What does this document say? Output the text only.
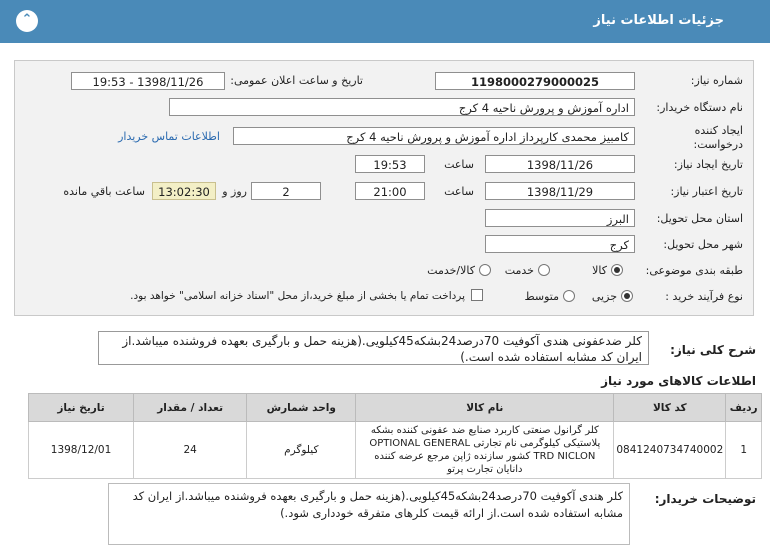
جزئیات اطلاعات نیاز
⌃
شماره نیاز:
1198000279000025
تاریخ و ساعت اعلان عمومی:
1398/11/26 - 19:53
نام دستگاه خریدار:
اداره آموزش و پرورش ناحیه 4 کرج
ایجاد کننده درخواست:
کامبیز محمدی کارپرداز اداره آموزش و پرورش ناحیه 4 کرج
اطلاعات تماس خریدار
تاریخ ایجاد نیاز:
1398/11/26
ساعت
19:53
تاریخ اعتبار نیاز:
1398/11/29
ساعت
21:00
2
روز و
13:02:30
ساعت باقي مانده
استان محل تحویل:
البرز
شهر محل تحویل:
کرج
طبقه بندی موضوعی:
کالا
خدمت
کالا/خدمت
نوع فرآیند خرید :
جزیی
متوسط
پرداخت تمام یا بخشی از مبلغ خرید،از محل "اسناد خزانه اسلامی" خواهد بود.
شرح کلی نیاز:
کلر ضدعفونی هندی آکوفیت 70درصد24بشکه45کیلویی.(هزینه حمل و بارگیری بعهده فروشنده میباشد.از ایران کد مشابه استفاده شده است.)
اطلاعات کالاهای مورد نیاز
ردیف	کد کالا	نام کالا	واحد شمارش	تعداد / مقدار	تاریخ نیاز
1	0841240734740002	کلر گرانول صنعتی کاربرد صنایع ضد عفونی کننده بشکه پلاستیکی کیلوگرمی نام تجارتی OPTIONAL GENERAL TRD NICLON کشور سازنده ژاپن مرجع عرضه کننده دانایان تجارت پرتو	کیلوگرم	24	1398/12/01
توضیحات خریدار:
کلر هندی آکوفیت 70درصد24بشکه45کیلویی.(هزینه حمل و بارگیری بعهده فروشنده میباشد.از ایران کد مشابه استفاده شده است.از ارائه قیمت کلرهای متفرقه خودداری شود.)
